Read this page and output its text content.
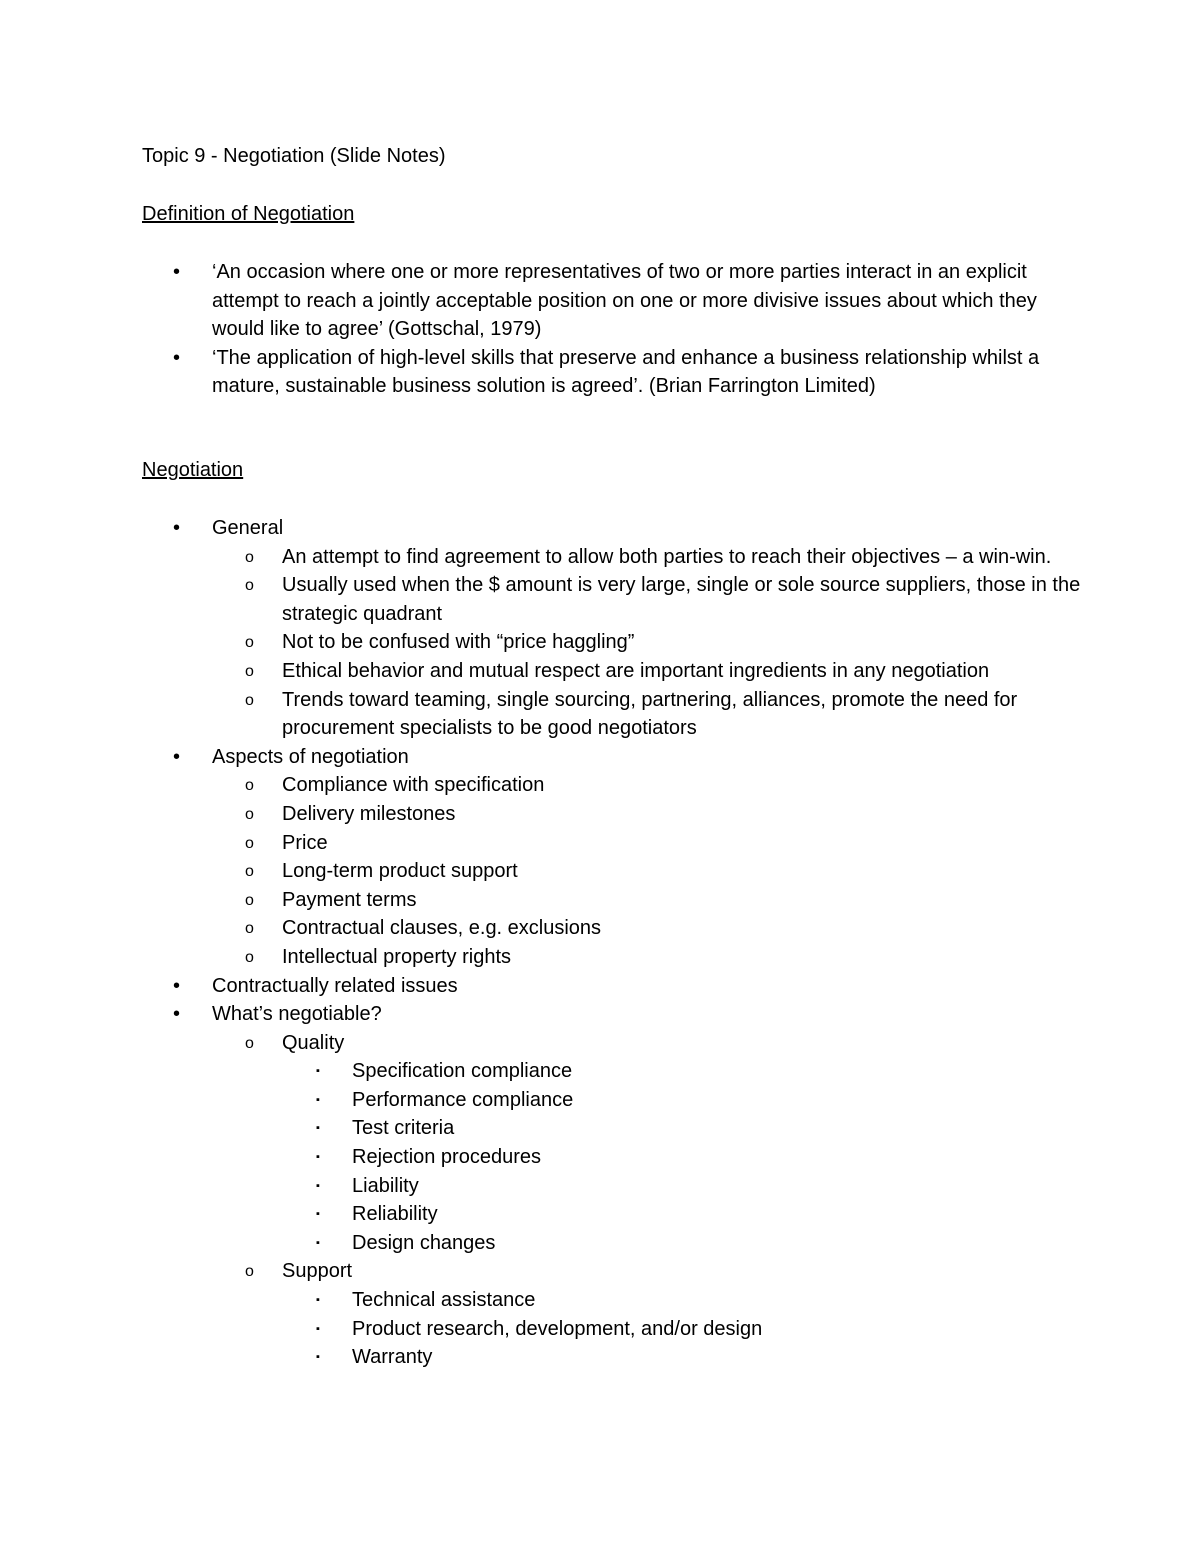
Topic 9 - Negotiation (Slide Notes)

Definition of Negotiation

•	‘An occasion where one or more representatives of two or more parties interact in an explicit attempt to reach a jointly acceptable position on one or more divisive issues about which they would like to agree’ (Gottschal, 1979)
•	‘The application of high-level skills that preserve and enhance a business relationship whilst a mature, sustainable business solution is agreed’. (Brian Farrington Limited)

Negotiation

•	General
o	An attempt to find agreement to allow both parties to reach their objectives – a win-win.
o	Usually used when the $ amount is very large, single or sole source suppliers, those in the strategic quadrant
o	Not to be confused with “price haggling”
o	Ethical behavior and mutual respect are important ingredients in any negotiation
o	Trends toward teaming, single sourcing, partnering, alliances, promote the need for procurement specialists to be good negotiators
•	Aspects of negotiation
o	Compliance with specification
o	Delivery milestones
o	Price
o	Long-term product support
o	Payment terms
o	Contractual clauses, e.g. exclusions
o	Intellectual property rights
•	Contractually related issues
•	What’s negotiable?
o	Quality
▪	Specification compliance
▪	Performance compliance
▪	Test criteria
▪	Rejection procedures
▪	Liability
▪	Reliability
▪	Design changes
o	Support
▪	Technical assistance
▪	Product research, development, and/or design
▪	Warranty
